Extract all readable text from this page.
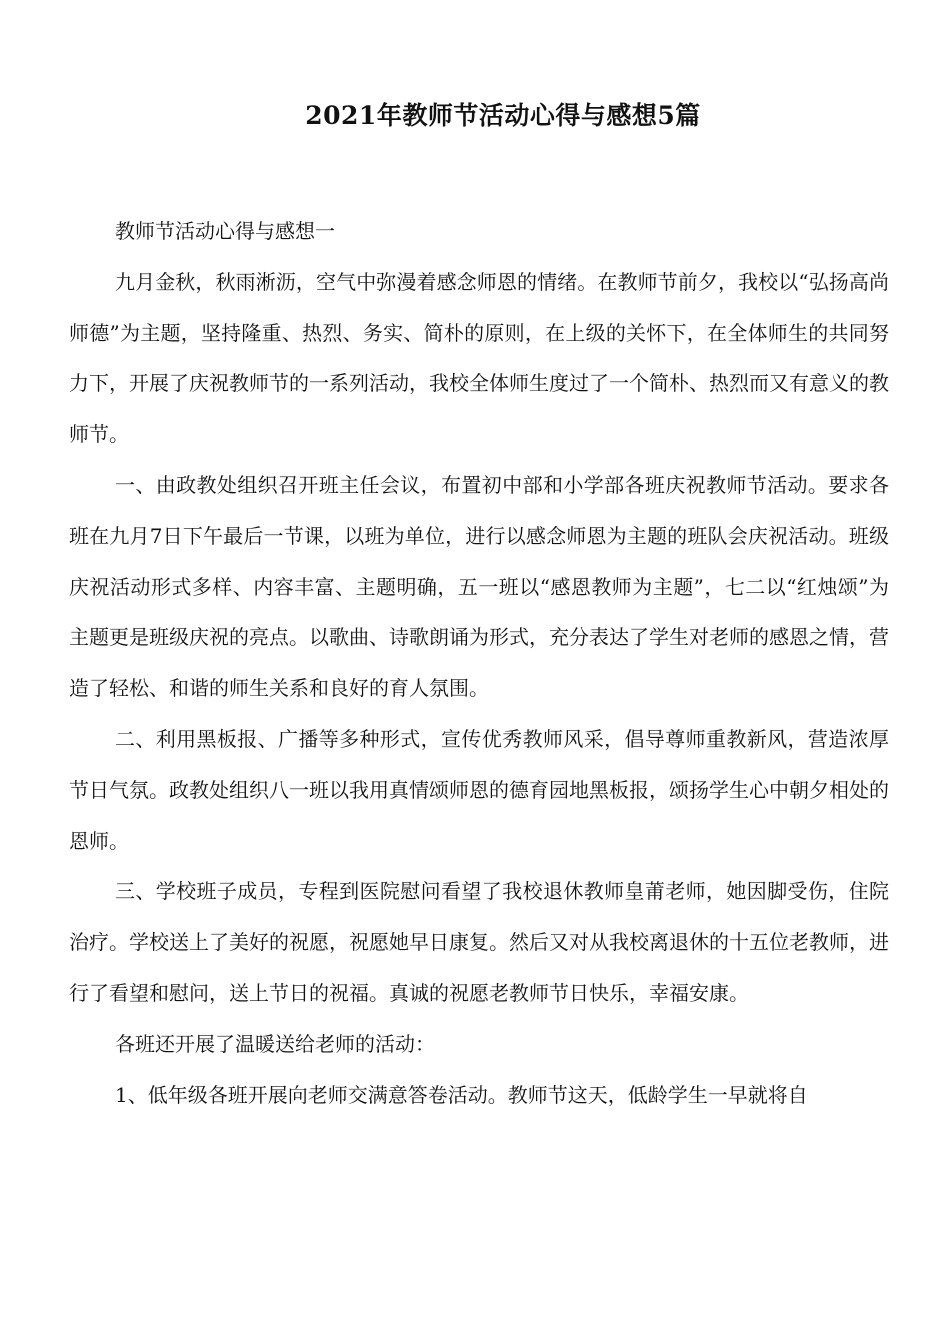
2021年教师节活动心得与感想5篇

教师节活动心得与感想一

九月金秋，秋雨淅沥，空气中弥漫着感念师恩的情绪。在教师节前夕，我校以“弘扬高尚师德”为主题，坚持隆重、热烈、务实、简朴的原则，在上级的关怀下，在全体师生的共同努力下，开展了庆祝教师节的一系列活动，我校全体师生度过了一个简朴、热烈而又有意义的教师节。

一、由政教处组织召开班主任会议，布置初中部和小学部各班庆祝教师节活动。要求各班在九月7日下午最后一节课，以班为单位，进行以感念师恩为主题的班队会庆祝活动。班级庆祝活动形式多样、内容丰富、主题明确，五一班以“感恩教师为主题”，七二以“红烛颂”为主题更是班级庆祝的亮点。以歌曲、诗歌朗诵为形式，充分表达了学生对老师的感恩之情，营造了轻松、和谐的师生关系和良好的育人氛围。

二、利用黑板报、广播等多种形式，宣传优秀教师风采，倡导尊师重教新风，营造浓厚节日气氛。政教处组织八一班以我用真情颂师恩的德育园地黑板报，颂扬学生心中朝夕相处的恩师。

三、学校班子成员，专程到医院慰问看望了我校退休教师皇莆老师，她因脚受伤，住院治疗。学校送上了美好的祝愿，祝愿她早日康复。然后又对从我校离退休的十五位老教师，进行了看望和慰问，送上节日的祝福。真诚的祝愿老教师节日快乐，幸福安康。

各班还开展了温暖送给老师的活动：

1、低年级各班开展向老师交满意答卷活动。教师节这天，低龄学生一早就将自
